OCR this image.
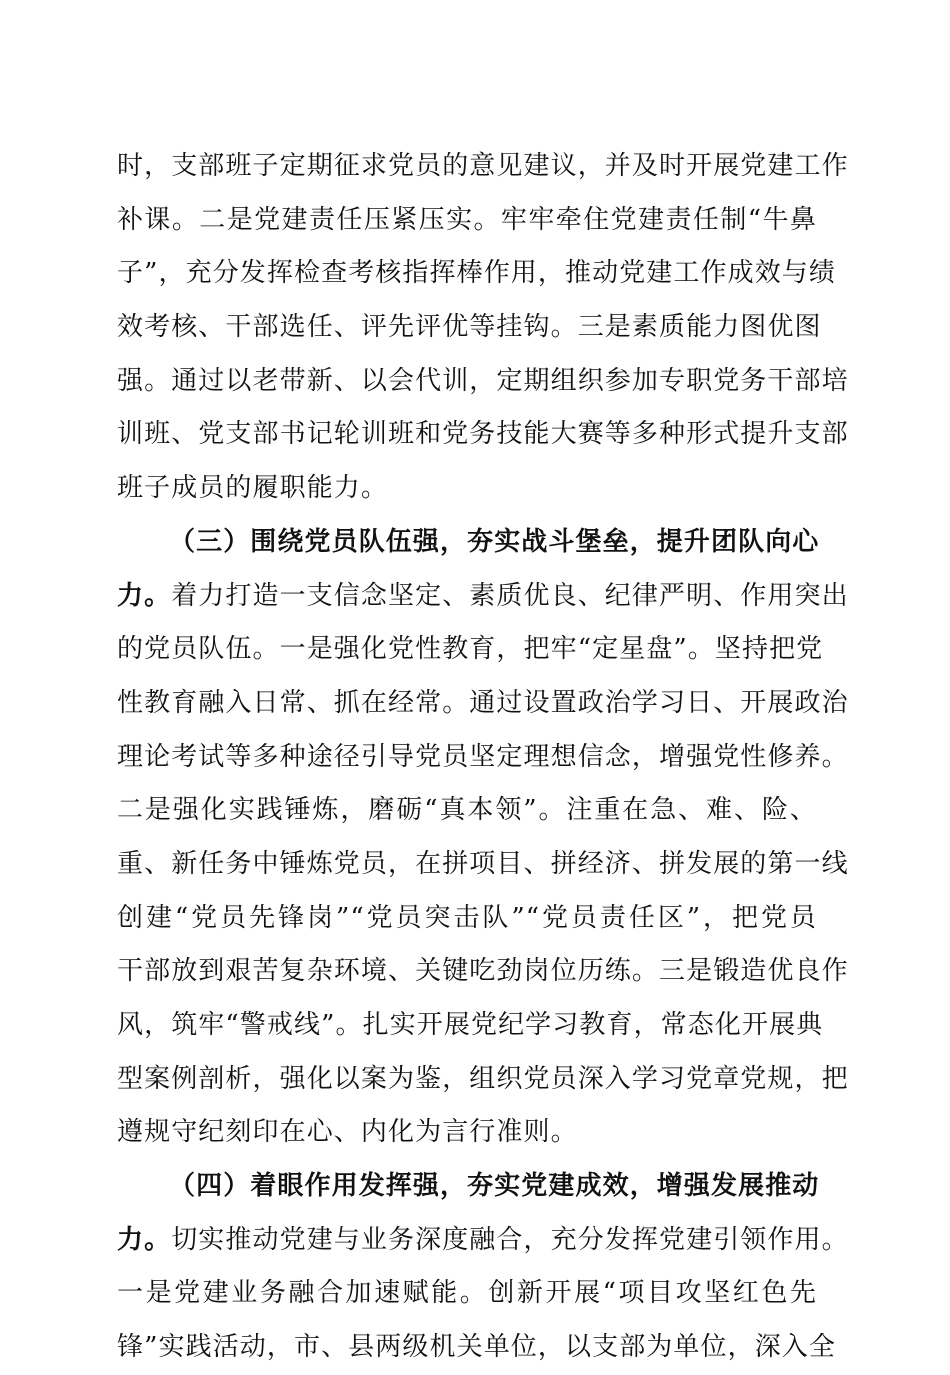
时，支部班子定期征求党员的意见建议，并及时开展党建工作
补课。二是党建责任压紧压实。牢牢牵住党建责任制“牛鼻
子”，充分发挥检查考核指挥棒作用，推动党建工作成效与绩
效考核、干部选任、评先评优等挂钩。三是素质能力图优图
强。通过以老带新、以会代训，定期组织参加专职党务干部培
训班、党支部书记轮训班和党务技能大赛等多种形式提升支部
班子成员的履职能力。
（三）围绕党员队伍强，夯实战斗堡垒，提升团队向心
力。着力打造一支信念坚定、素质优良、纪律严明、作用突出
的党员队伍。一是强化党性教育，把牢“定星盘”。坚持把党
性教育融入日常、抓在经常。通过设置政治学习日、开展政治
理论考试等多种途径引导党员坚定理想信念，增强党性修养。
二是强化实践锤炼，磨砺“真本领”。注重在急、难、险、
重、新任务中锤炼党员，在拼项目、拼经济、拼发展的第一线
创建“党员先锋岗”“党员突击队”“党员责任区”，把党员
干部放到艰苦复杂环境、关键吃劲岗位历练。三是锻造优良作
风，筑牢“警戒线”。扎实开展党纪学习教育，常态化开展典
型案例剖析，强化以案为鉴，组织党员深入学习党章党规，把
遵规守纪刻印在心、内化为言行准则。
（四）着眼作用发挥强，夯实党建成效，增强发展推动
力。切实推动党建与业务深度融合，充分发挥党建引领作用。
一是党建业务融合加速赋能。创新开展“项目攻坚红色先
锋”实践活动，市、县两级机关单位，以支部为单位，深入全
